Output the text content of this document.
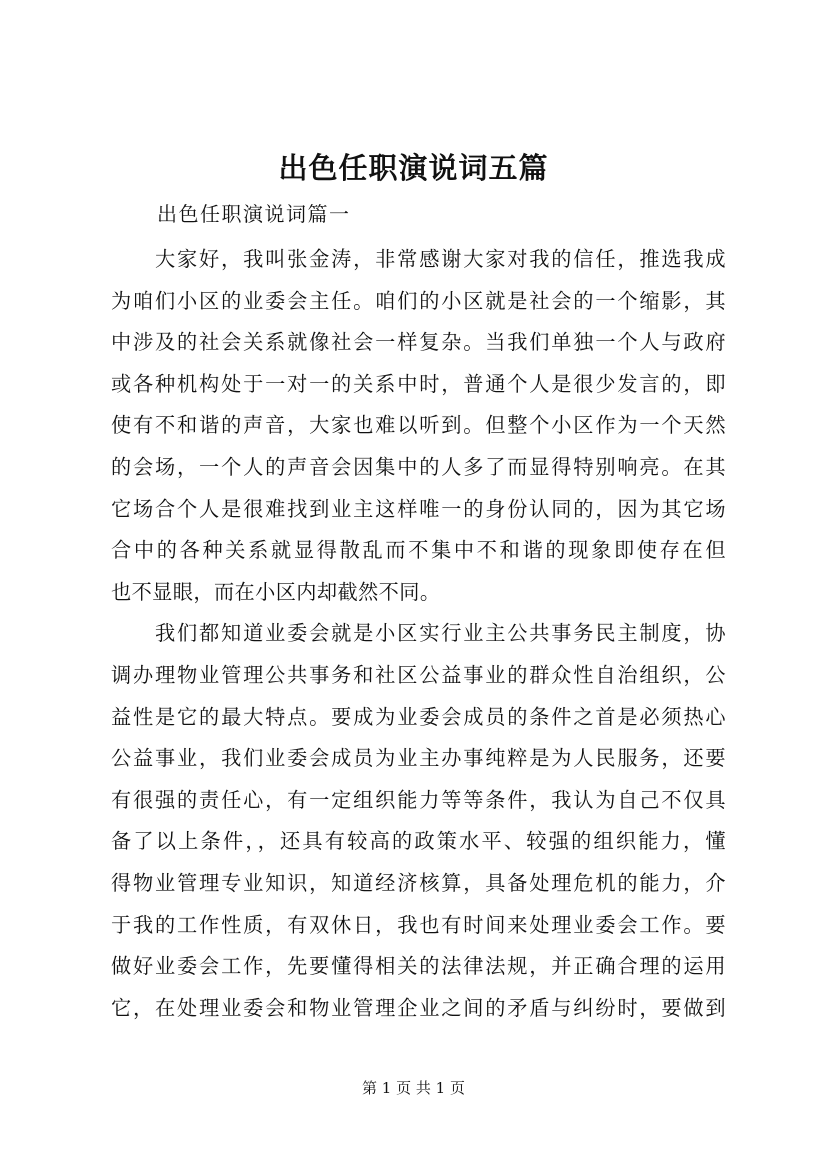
出色任职演说词五篇
出色任职演说词篇一
大家好，我叫张金涛，非常感谢大家对我的信任，推选我成
为咱们小区的业委会主任。咱们的小区就是社会的一个缩影，其
中涉及的社会关系就像社会一样复杂。当我们单独一个人与政府
或各种机构处于一对一的关系中时，普通个人是很少发言的，即
使有不和谐的声音，大家也难以听到。但整个小区作为一个天然
的会场，一个人的声音会因集中的人多了而显得特别响亮。在其
它场合个人是很难找到业主这样唯一的身份认同的，因为其它场
合中的各种关系就显得散乱而不集中不和谐的现象即使存在但
也不显眼，而在小区内却截然不同。
我们都知道业委会就是小区实行业主公共事务民主制度，协
调办理物业管理公共事务和社区公益事业的群众性自治组织，公
益性是它的最大特点。要成为业委会成员的条件之首是必须热心
公益事业，我们业委会成员为业主办事纯粹是为人民服务，还要
有很强的责任心，有一定组织能力等等条件，我认为自己不仅具
备了以上条件，，还具有较高的政策水平、较强的组织能力，懂
得物业管理专业知识，知道经济核算，具备处理危机的能力，介
于我的工作性质，有双休日，我也有时间来处理业委会工作。要
做好业委会工作，先要懂得相关的法律法规，并正确合理的运用
它，在处理业委会和物业管理企业之间的矛盾与纠纷时，要做到
第 1 页 共 1 页
